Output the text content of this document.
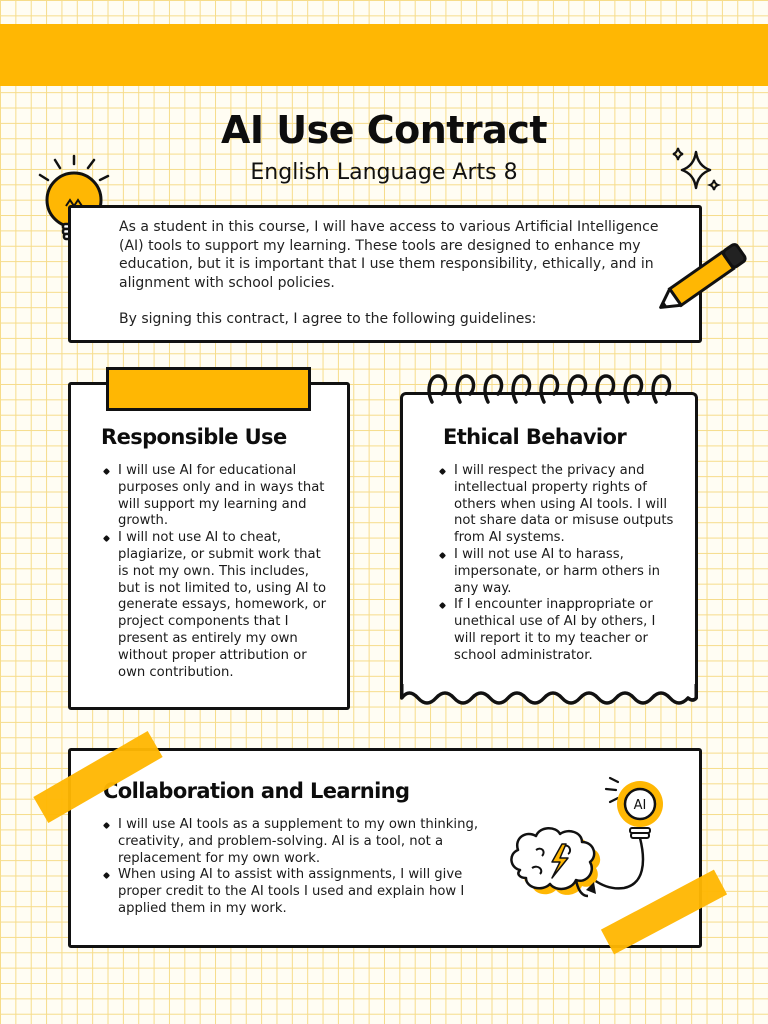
AI Use Contract
English Language Arts 8

As a student in this course, I will have access to various Artificial Intelligence (AI) tools to support my learning. These tools are designed to enhance my education, but it is important that I use them responsibility, ethically, and in alignment with school policies.

By signing this contract, I agree to the following guidelines:

Responsible Use
I will use AI for educational purposes only and in ways that will support my learning and growth.
I will not use AI to cheat, plagiarize, or submit work that is not my own. This includes, but is not limited to, using AI to generate essays, homework, or project components that I present as entirely my own without proper attribution or own contribution.
Ethical Behavior
I will respect the privacy and intellectual property rights of others when using AI tools. I will not share data or misuse outputs from AI systems.
I will not use AI to harass, impersonate, or harm others in any way.
If I encounter inappropriate or unethical use of AI by others, I will report it to my teacher or school administrator.
Collaboration and Learning
I will use AI tools as a supplement to my own thinking, creativity, and problem-solving. AI is a tool, not a replacement for my own work.
When using AI to assist with assignments, I will give proper credit to the AI tools I used and explain how I applied them in my work.
AI
